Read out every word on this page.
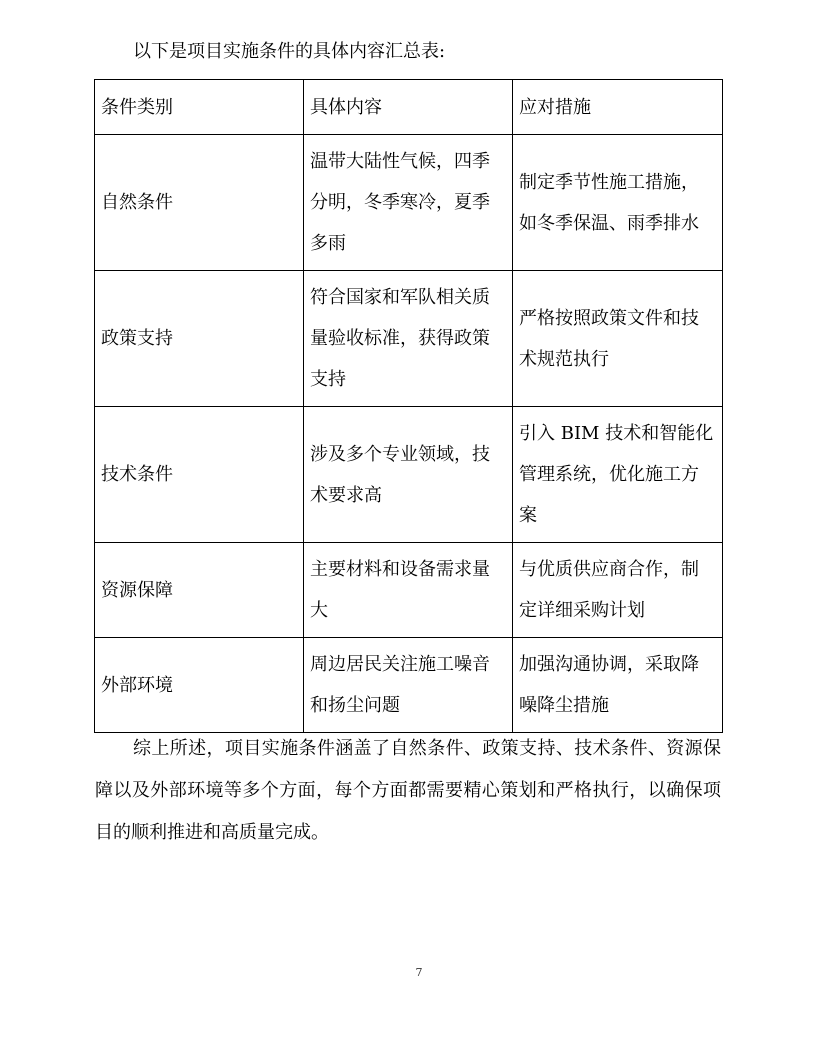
以下是项目实施条件的具体内容汇总表:

条件类别	具体内容	应对措施
自然条件	温带大陆性气候，四季分明，冬季寒冷，夏季多雨	制定季节性施工措施，如冬季保温、雨季排水
政策支持	符合国家和军队相关质量验收标准，获得政策支持	严格按照政策文件和技术规范执行
技术条件	涉及多个专业领域，技术要求高	引入 BIM 技术和智能化管理系统，优化施工方案
资源保障	主要材料和设备需求量大	与优质供应商合作，制定详细采购计划
外部环境	周边居民关注施工噪音和扬尘问题	加强沟通协调，采取降噪降尘措施

综上所述，项目实施条件涵盖了自然条件、政策支持、技术条件、资源保障以及外部环境等多个方面，每个方面都需要精心策划和严格执行，以确保项目的顺利推进和高质量完成。

7
